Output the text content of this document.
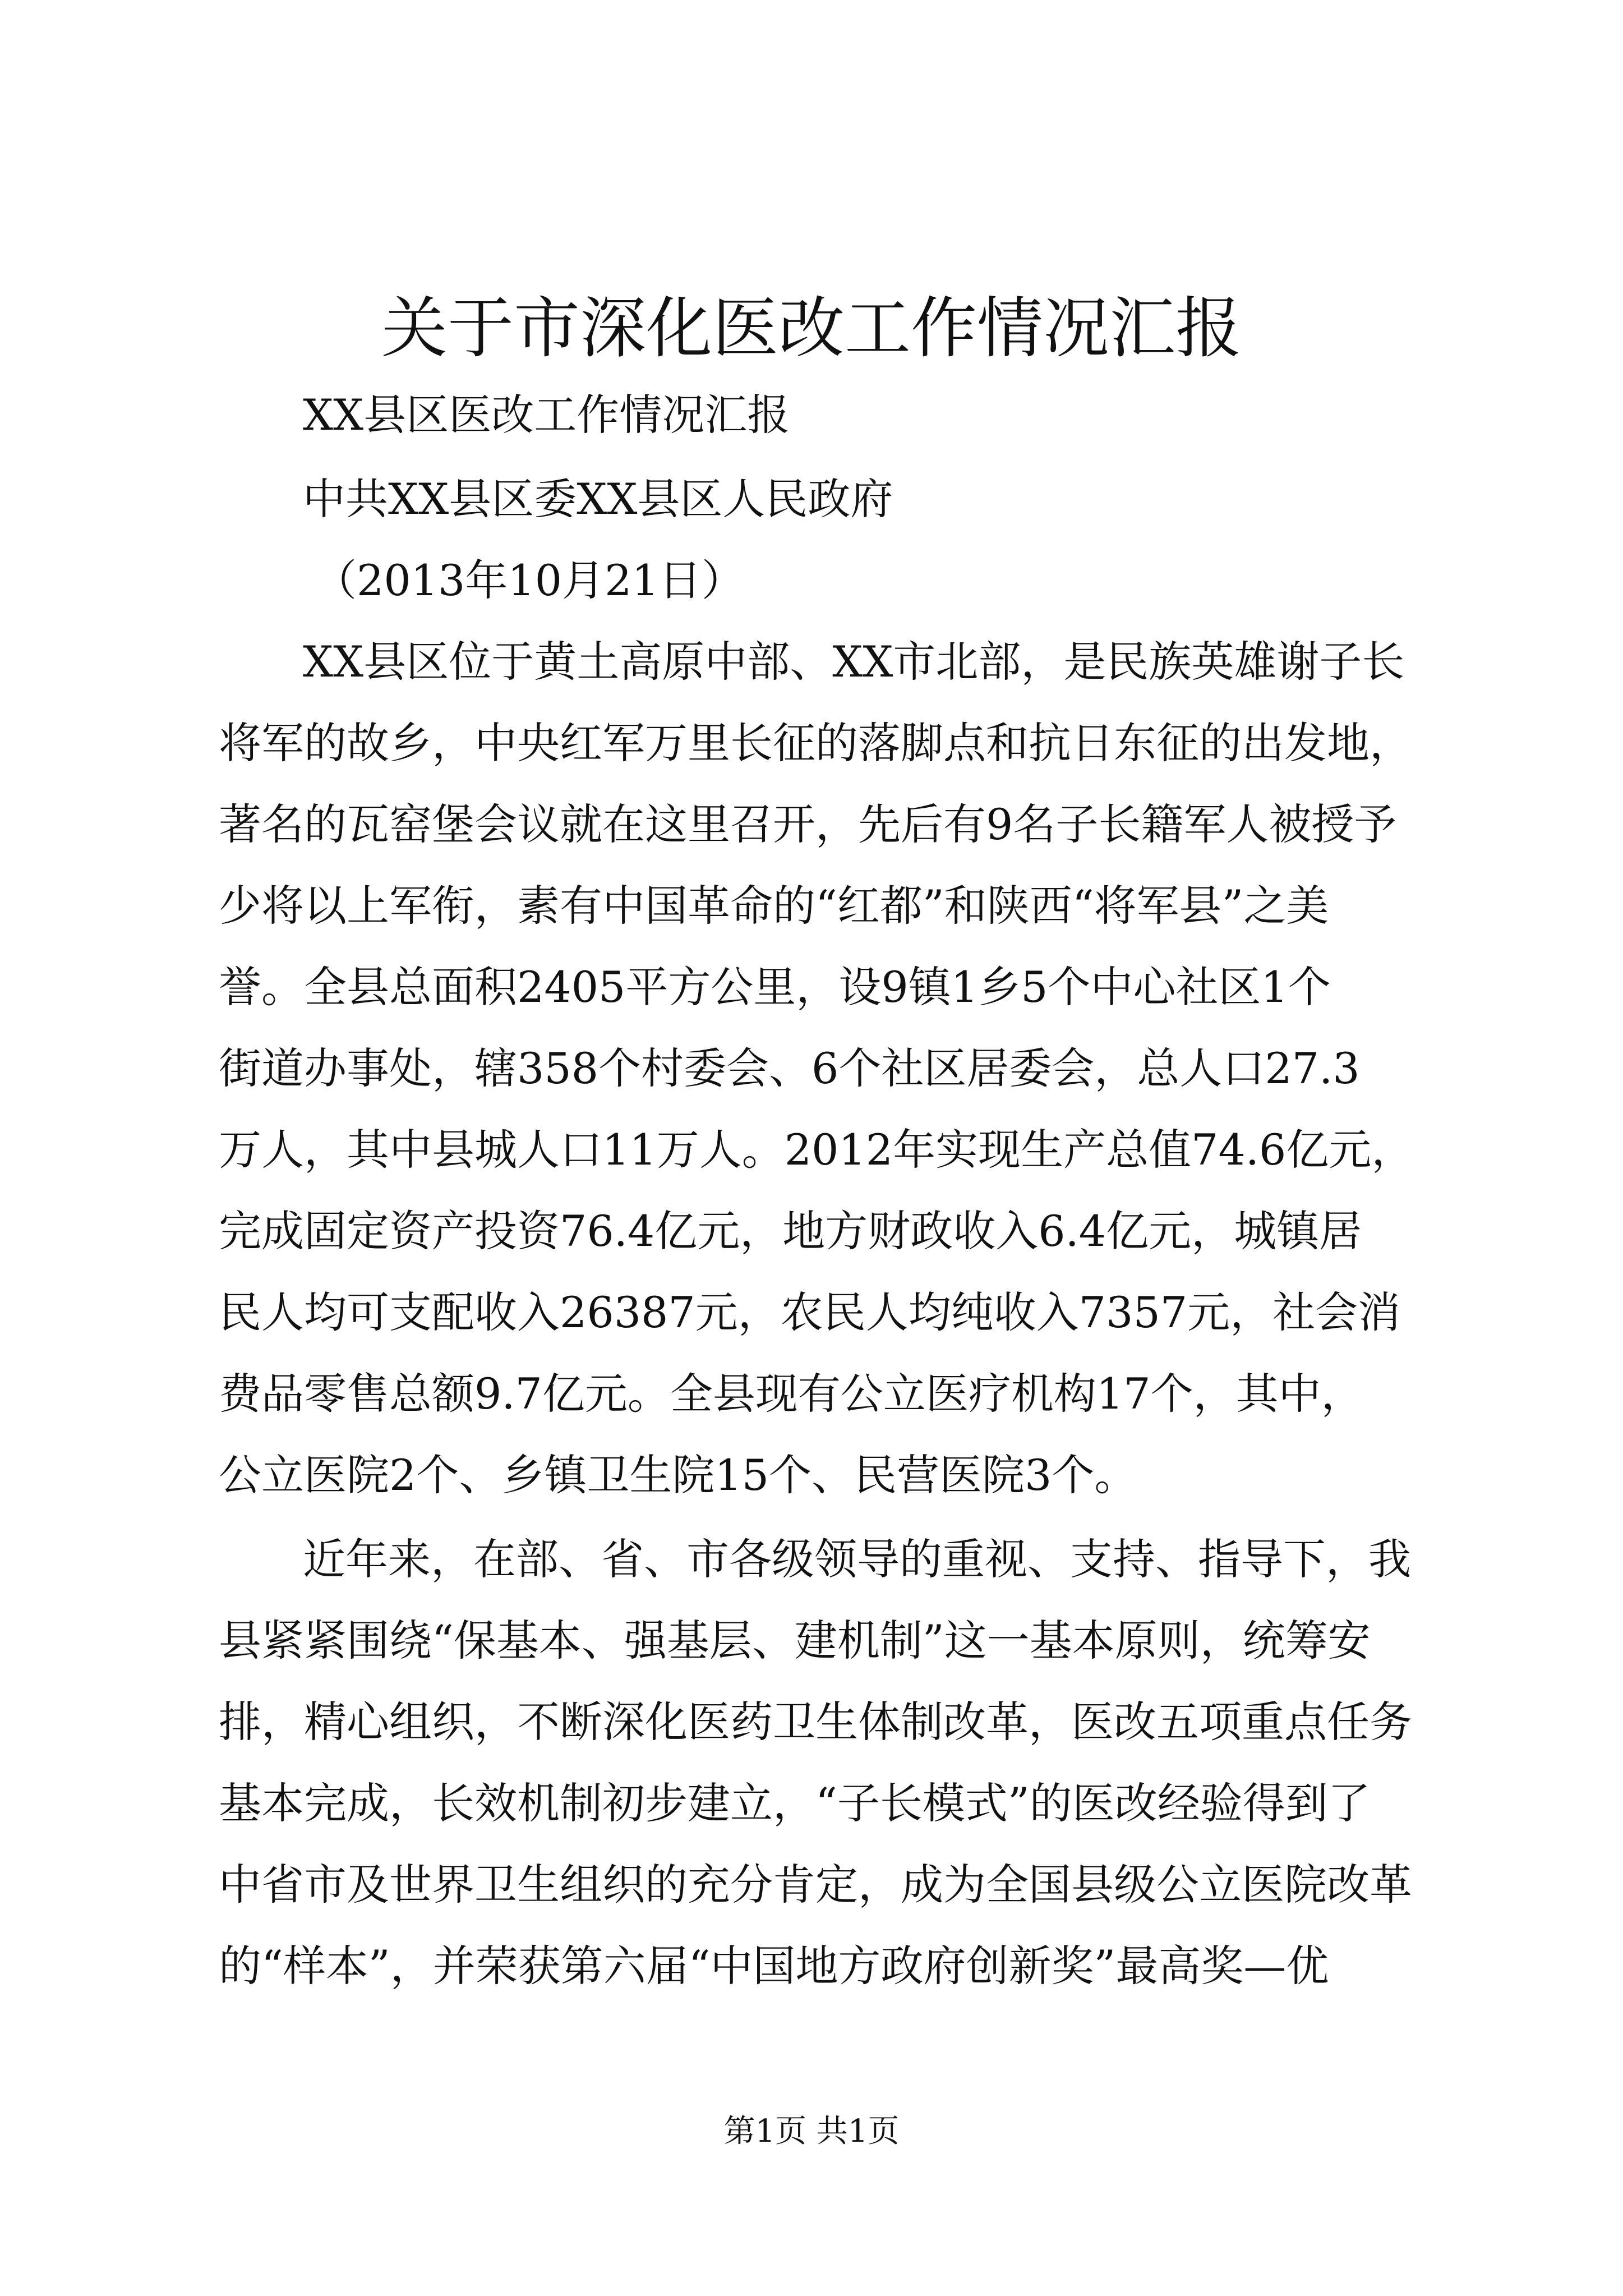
关于市深化医改工作情况汇报
XX县区医改工作情况汇报
中共XX县区委XX县区人民政府
（2013年10月21日）
XX县区位于黄土高原中部、XX市北部，是民族英雄谢子长
将军的故乡，中央红军万里长征的落脚点和抗日东征的出发地，
著名的瓦窑堡会议就在这里召开，先后有9名子长籍军人被授予
少将以上军衔，素有中国革命的“红都”和陕西“将军县”之美
誉。全县总面积2405平方公里，设9镇1乡5个中心社区1个
街道办事处，辖358个村委会、6个社区居委会，总人口27.3
万人，其中县城人口11万人。2012年实现生产总值74.6亿元，
完成固定资产投资76.4亿元，地方财政收入6.4亿元，城镇居
民人均可支配收入26387元，农民人均纯收入7357元，社会消
费品零售总额9.7亿元。全县现有公立医疗机构17个，其中，
公立医院2个、乡镇卫生院15个、民营医院3个。
近年来，在部、省、市各级领导的重视、支持、指导下，我
县紧紧围绕“保基本、强基层、建机制”这一基本原则，统筹安
排，精心组织，不断深化医药卫生体制改革，医改五项重点任务
基本完成，长效机制初步建立，“子长模式”的医改经验得到了
中省市及世界卫生组织的充分肯定，成为全国县级公立医院改革
的“样本”，并荣获第六届“中国地方政府创新奖”最高奖—优
第1页 共1页
